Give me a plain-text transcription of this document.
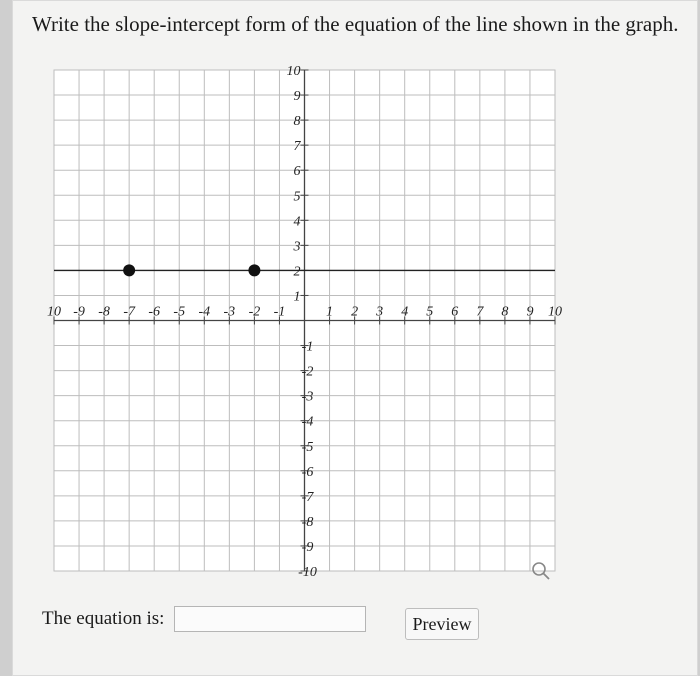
Write the slope-intercept form of the equation of the line shown in the graph.
10 -9 -8 -7 -6 -5 -4 -3 -2 -1	1 2 3 4 5 6 7 8 9 10
10
9
8
7
6
5
4
3
2
1
-1
-2
-3
-4
-5
-6
-7
-8
-9
-10
The equation is:	Preview
